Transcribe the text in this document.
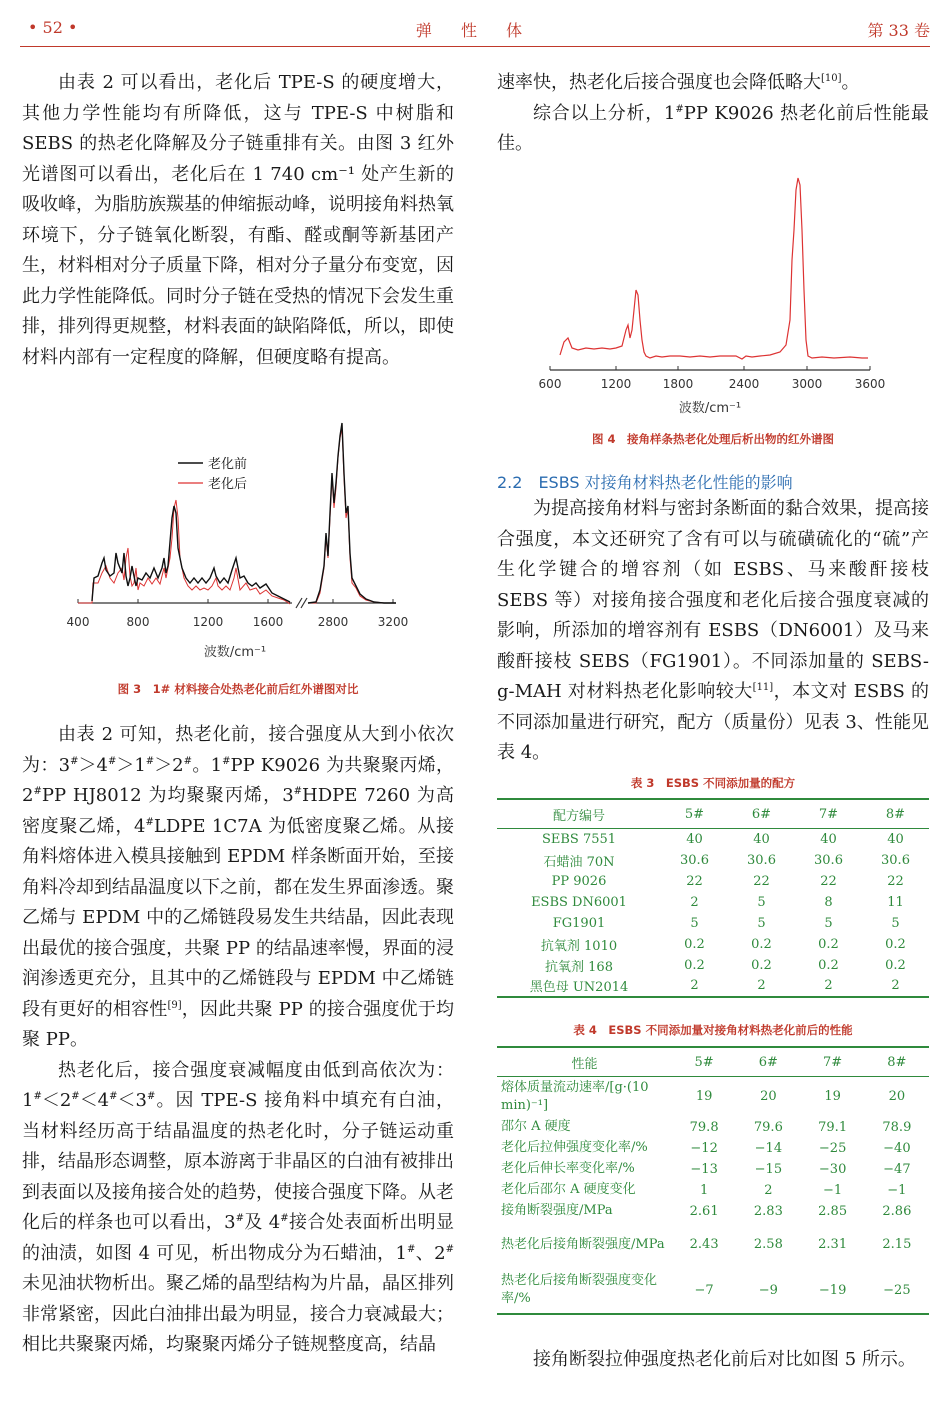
• 52 •	弹 性 体	第 33 卷

由表 2 可以看出，老化后 TPE-S 的硬度增大，其他力学性能均有所降低，这与 TPE-S 中树脂和 SEBS 的热老化降解及分子链重排有关。由图 3 红外光谱图可以看出，老化后在 1 740 cm⁻¹ 处产生新的吸收峰，为脂肪族羰基的伸缩振动峰，说明接角料热氧环境下，分子链氧化断裂，有酯、醛或酮等新基团产生，材料相对分子质量下降，相对分子量分布变宽，因此力学性能降低。同时分子链在受热的情况下会发生重排，排列得更规整，材料表面的缺陷降低，所以，即使材料内部有一定程度的降解，但硬度略有提高。

400	800	1200 1600	2800 3200
波数/cm⁻¹
老化前
老化后
图 3　1# 材料接合处热老化前后红外谱图对比

由表 2 可知，热老化前，接合强度从大到小依次为：3#＞4#＞1#＞2#。1#PP K9026 为共聚聚丙烯，2#PP HJ8012 为均聚聚丙烯，3#HDPE 7260 为高密度聚乙烯，4#LDPE 1C7A 为低密度聚乙烯。从接角料熔体进入模具接触到 EPDM 样条断面开始，至接角料冷却到结晶温度以下之前，都在发生界面渗透。聚乙烯与 EPDM 中的乙烯链段易发生共结晶，因此表现出最优的接合强度，共聚 PP 的结晶速率慢，界面的浸润渗透更充分，且其中的乙烯链段与 EPDM 中乙烯链段有更好的相容性[9]，因此共聚 PP 的接合强度优于均聚 PP。

热老化后，接合强度衰减幅度由低到高依次为：1#＜2#＜4#＜3#。因 TPE-S 接角料中填充有白油，当材料经历高于结晶温度的热老化时，分子链运动重排，结晶形态调整，原本游离于非晶区的白油有被排出到表面以及接角接合处的趋势，使接合强度下降。从老化后的样条也可以看出，3#及 4#接合处表面析出明显的油渍，如图 4 可见，析出物成分为石蜡油，1#、2#未见油状物析出。聚乙烯的晶型结构为片晶，晶区排列非常紧密，因此白油排出最为明显，接合力衰减最大；相比共聚聚丙烯，均聚聚丙烯分子链规整度高，结晶

速率快，热老化后接合强度也会降低略大[10]。

综合以上分析，1#PP K9026 热老化前后性能最佳。

600	1200	1800	2400	3000	3600
波数/cm⁻¹
图 4　接角样条热老化处理后析出物的红外谱图
2.2　ESBS 对接角材料热老化性能的影响

为提高接角材料与密封条断面的黏合效果，提高接合强度，本文还研究了含有可以与硫磺硫化的“硫”产生化学键合的增容剂（如 ESBS、马来酸酐接枝 SEBS 等）对接角接合强度和老化后接合强度衰减的影响，所添加的增容剂有 ESBS（DN6001）及马来酸酐接枝 SEBS（FG1901）。不同添加量的 SEBS-g-MAH 对材料热老化影响较大[11]，本文对 ESBS 的不同添加量进行研究，配方（质量份）见表 3、性能见表 4。

表 3　ESBS 不同添加量的配方
配方编号	5#	6#	7#	8#
SEBS 7551	40	40	40	40
石蜡油 70N	30.6	30.6	30.6	30.6
PP 9026	22	22	22	22
ESBS DN6001	2	5	8	11
FG1901	5	5	5	5
抗氧剂 1010	0.2	0.2	0.2	0.2
抗氧剂 168	0.2	0.2	0.2	0.2
黑色母 UN2014	2	2	2	2
表 4　ESBS 不同添加量对接角材料热老化前后的性能
性能	5#	6#	7#	8#
熔体质量流动速率/[g·(10 min)⁻¹]	19	20	19	20
邵尔 A 硬度	79.8	79.6	79.1	78.9
老化后拉伸强度变化率/%	−12	−14	−25	−40
老化后伸长率变化率/%	−13	−15	−30	−47
老化后邵尔 A 硬度变化	1	2	−1	−1
接角断裂强度/MPa	2.61	2.83	2.85	2.86
热老化后接角断裂强度/MPa	2.43	2.58	2.31	2.15
热老化后接角断裂强度变化率/%	−7	−9	−19	−25

接角断裂拉伸强度热老化前后对比如图 5 所示。
